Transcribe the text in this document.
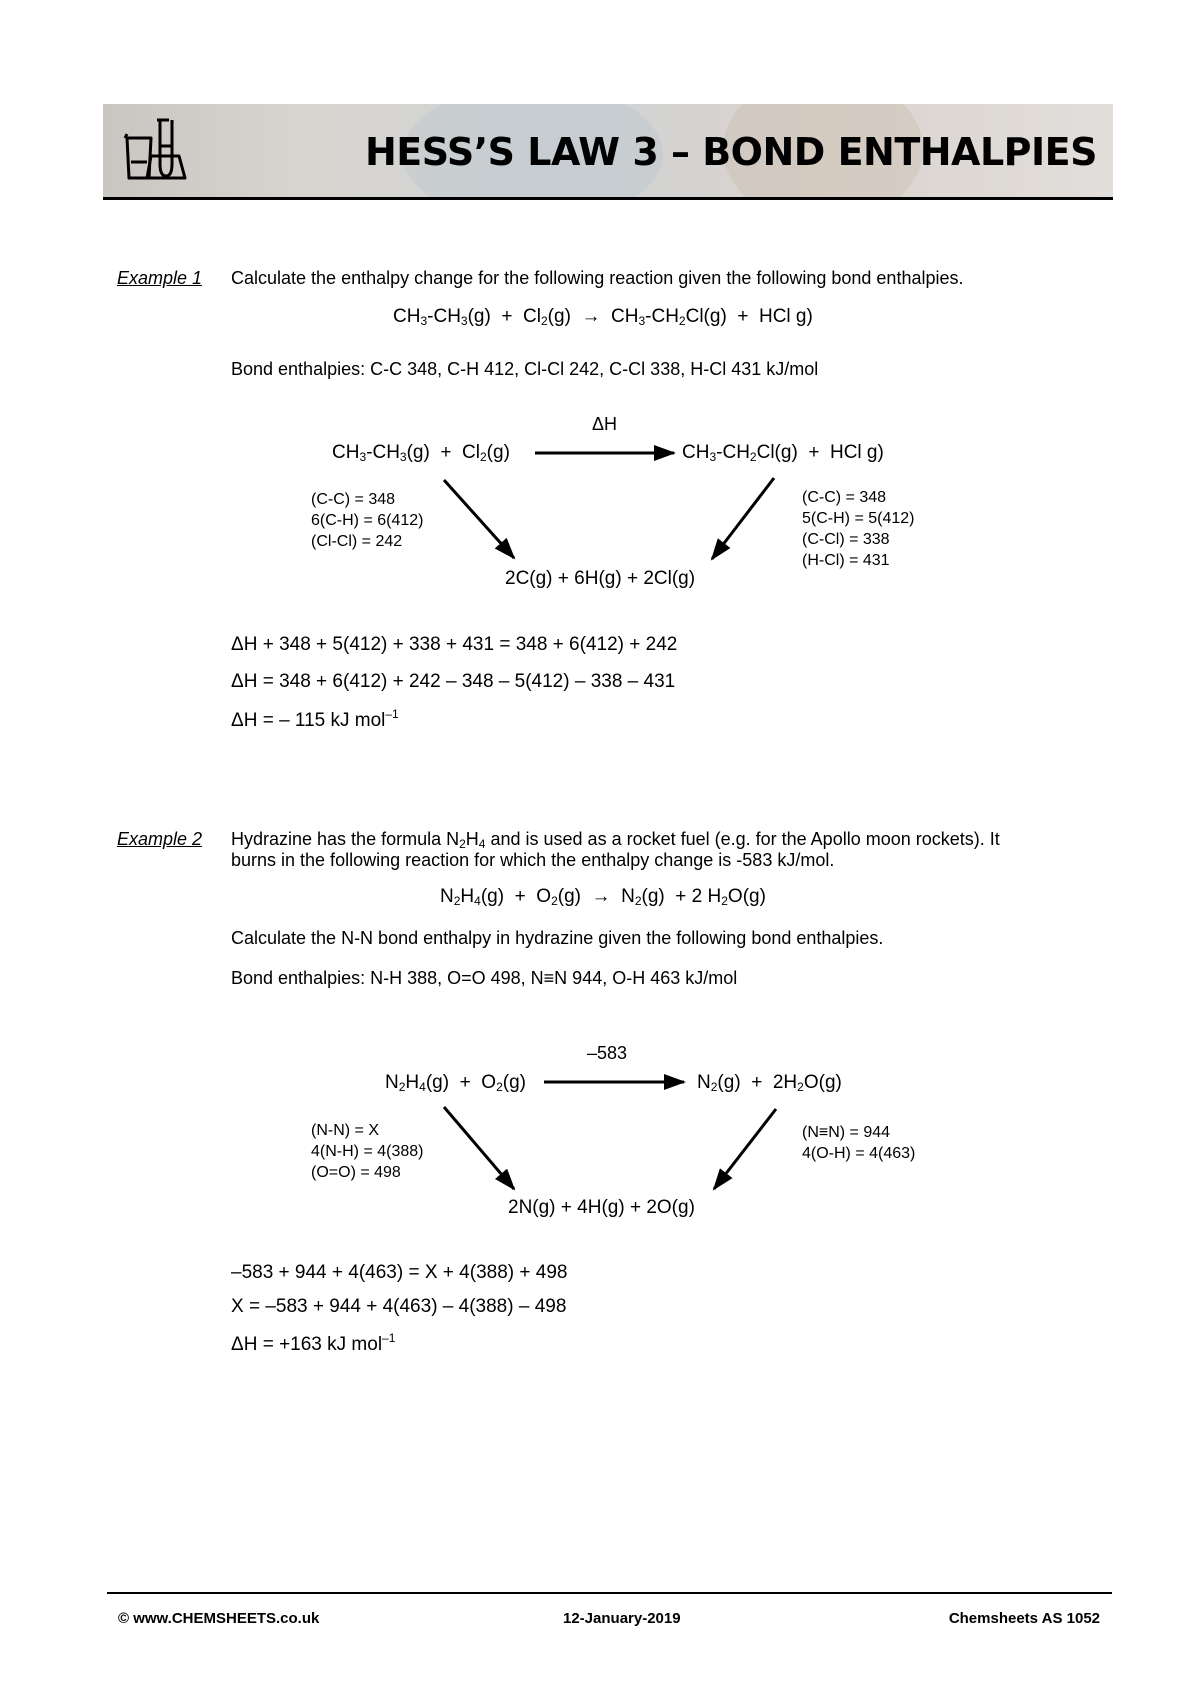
HESS’S LAW 3 – BOND ENTHALPIES
Example 1 Calculate the enthalpy change for the following reaction given the following bond enthalpies.
$CH_3-CH_3(g) + Cl_2(g) \to CH_3-CH_2Cl(g)$  +  HCl g)
Bond enthalpies: C-C 348, C-H 412, Cl-Cl 242, C-Cl 338, H-Cl 431 kJ/mol
ΔH
$CH_3-CH_3(g) + Cl_2(g)$	$CH_3-CH_2Cl(g)$  +  HCl g)
(C-C) = 348
6(C-H) = 6(412)
(Cl-Cl) = 242
(C-C) = 348
5(C-H) = 5(412)
(C-Cl) = 338
(H-Cl) = 431
2C(g) + 6H(g) + 2Cl(g)
ΔH + 348 + 5(412) + 338 + 431 = 348 + 6(412) + 242
ΔH = 348 + 6(412) + 242 – 348 – 5(412) – 338 – 431
ΔH = – 115 kJ mol$^{-1}$
Example 2 Hydrazine has the formula $N_2H_4$ and is used as a rocket fuel (e.g. for the Apollo moon rockets). It
burns in the following reaction for which the enthalpy change is -583 kJ/mol.
$N_2H_4(g) + O_2(g) \to N_2(g) + 2$ $H_2O(g)$
Calculate the N-N bond enthalpy in hydrazine given the following bond enthalpies.
Bond enthalpies: N-H 388, O=O 498, N≡N 944, O-H 463 kJ/mol
–583
$N_2H_4(g) + O_2(g)$	$N_2(g) + 2H_2O(g)$
(N-N) = X
4(N-H) = 4(388)
(O=O) = 498
(N≡N) = 944
4(O-H) = 4(463)
2N(g) + 4H(g) + 2O(g)
–583 + 944 + 4(463) = X + 4(388) + 498
X = –583 + 944 + 4(463) – 4(388) – 498
ΔH = +163 kJ mol$^{-1}$
© www.CHEMSHEETS.co.uk	12-January-2019	Chemsheets AS 1052
